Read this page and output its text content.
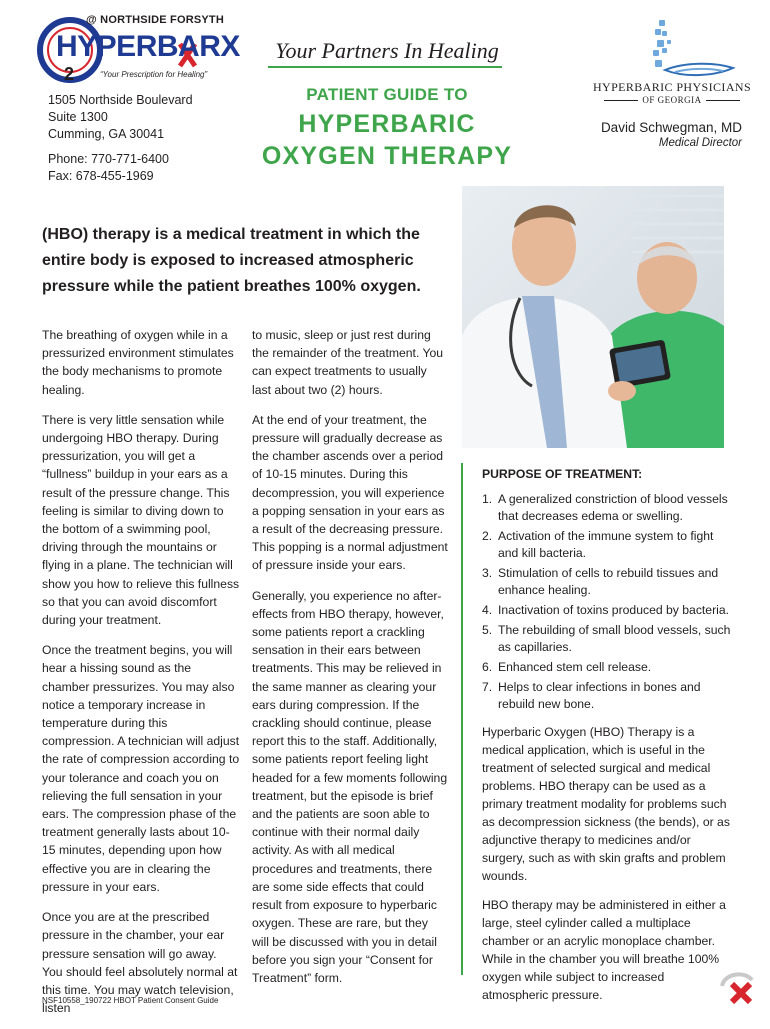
2
@ NORTHSIDE FORSYTH
HYPERBARX
“Your Prescription for Healing”
1505 Northside Boulevard
Suite 1300
Cumming, GA 30041
Phone: 770-771-6400
Fax: 678-455-1969
Your Partners In Healing
PATIENT GUIDE TO
HYPERBARIC
OXYGEN THERAPY
HYPERBARIC PHYSICIANS
OF GEORGIA
David Schwegman, MD
Medical Director
(HBO) therapy is a medical treatment in which the entire body is exposed to increased atmospheric pressure while the patient breathes 100% oxygen.

The breathing of oxygen while in a pressurized environment stimulates the body mechanisms to promote healing.

There is very little sensation while undergoing HBO therapy. During pressurization, you will get a “fullness” buildup in your ears as a result of the pressure change. This feeling is similar to diving down to the bottom of a swimming pool, driving through the mountains or flying in a plane. The technician will show you how to relieve this fullness so that you can avoid discomfort during your treatment.

Once the treatment begins, you will hear a hissing sound as the chamber pressurizes. You may also notice a temporary increase in temperature during this compression. A technician will adjust the rate of compression according to your tolerance and coach you on relieving the full sensation in your ears. The compression phase of the treatment generally lasts about 10-15 minutes, depending upon how effective you are in clearing the pressure in your ears.

Once you are at the prescribed pressure in the chamber, your ear pressure sensation will go away. You should feel absolutely normal at this time. You may watch television, listen

to music, sleep or just rest during the remainder of the treatment. You can expect treatments to usually last about two (2) hours.

At the end of your treatment, the pressure will gradually decrease as the chamber ascends over a period of 10-15 minutes. During this decompression, you will experience a popping sensation in your ears as a result of the decreasing pressure. This popping is a normal adjustment of pressure inside your ears.

Generally, you experience no after-effects from HBO therapy, however, some patients report a crackling sensation in their ears between treatments. This may be relieved in the same manner as clearing your ears during compression. If the crackling should continue, please report this to the staff. Additionally, some patients report feeling light headed for a few moments following treatment, but the episode is brief and the patients are soon able to continue with their normal daily activity. As with all medical procedures and treatments, there are some side effects that could result from exposure to hyperbaric oxygen. These are rare, but they will be discussed with you in detail before you sign your “Consent for Treatment” form.

PURPOSE OF TREATMENT:
1. A generalized constriction of blood vessels that decreases edema or swelling.
2. Activation of the immune system to fight and kill bacteria.
3. Stimulation of cells to rebuild tissues and enhance healing.
4. Inactivation of toxins produced by bacteria.
5. The rebuilding of small blood vessels, such as capillaries.
6. Enhanced stem cell release.
7. Helps to clear infections in bones and rebuild new bone.

Hyperbaric Oxygen (HBO) Therapy is a medical application, which is useful in the treatment of selected surgical and medical problems. HBO therapy can be used as a primary treatment modality for problems such as decompression sickness (the bends), or as adjunctive therapy to medicines and/or surgery, such as with skin grafts and problem wounds.

HBO therapy may be administered in either a large, steel cylinder called a multiplace chamber or an acrylic monoplace chamber. While in the chamber you will breathe 100% oxygen while subject to increased atmospheric pressure.

NSF10558_190722 HBOT Patient Consent Guide
